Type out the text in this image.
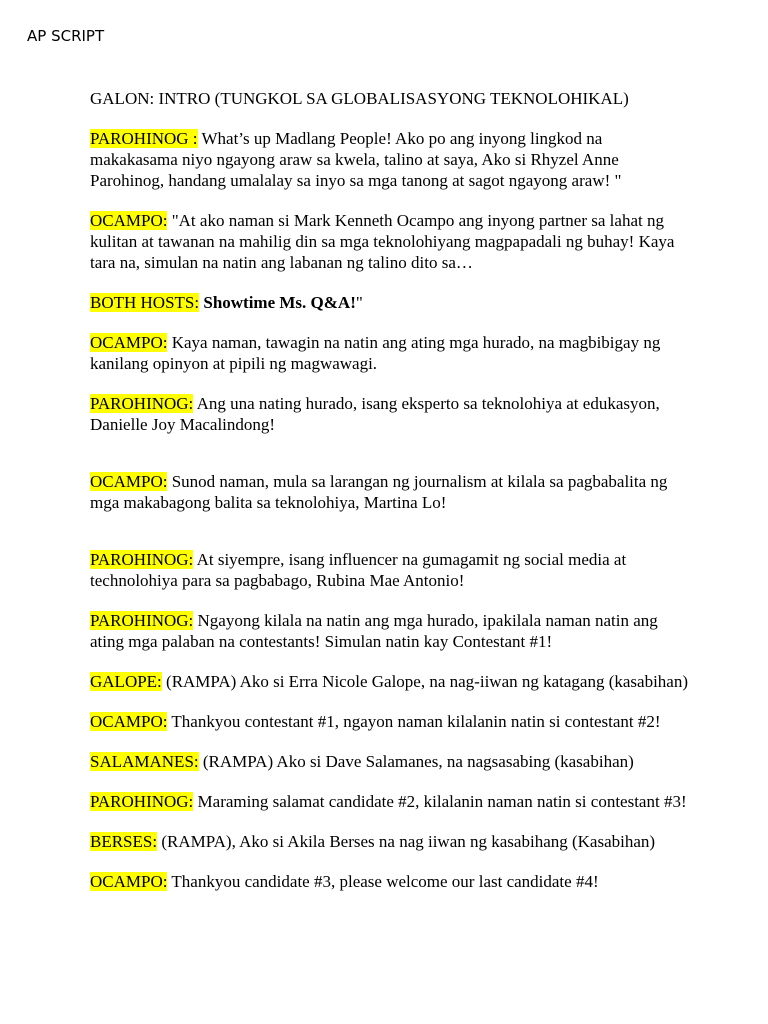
AP SCRIPT

GALON: INTRO (TUNGKOL SA GLOBALISASYONG TEKNOLOHIKAL)

PAROHINOG : What’s up Madlang People! Ako po ang inyong lingkod na makakasama niyo ngayong araw sa kwela, talino at saya, Ako si Rhyzel Anne Parohinog, handang umalalay sa inyo sa mga tanong at sagot ngayong araw! "

OCAMPO: "At ako naman si Mark Kenneth Ocampo ang inyong partner sa lahat ng kulitan at tawanan na mahilig din sa mga teknolohiyang magpapadali ng buhay! Kaya tara na, simulan na natin ang labanan ng talino dito sa…

BOTH HOSTS: Showtime Ms. Q&A!"

OCAMPO: Kaya naman, tawagin na natin ang ating mga hurado, na magbibigay ng kanilang opinyon at pipili ng magwawagi.

PAROHINOG: Ang una nating hurado, isang eksperto sa teknolohiya at edukasyon, Danielle Joy Macalindong!

OCAMPO: Sunod naman, mula sa larangan ng journalism at kilala sa pagbabalita ng mga makabagong balita sa teknolohiya, Martina Lo!

PAROHINOG: At siyempre, isang influencer na gumagamit ng social media at technolohiya para sa pagbabago, Rubina Mae Antonio!

PAROHINOG: Ngayong kilala na natin ang mga hurado, ipakilala naman natin ang ating mga palaban na contestants! Simulan natin kay Contestant #1!

GALOPE: (RAMPA) Ako si Erra Nicole Galope, na nag-iiwan ng katagang (kasabihan)

OCAMPO: Thankyou contestant #1, ngayon naman kilalanin natin si contestant #2!

SALAMANES: (RAMPA) Ako si Dave Salamanes, na nagsasabing (kasabihan)

PAROHINOG: Maraming salamat candidate #2, kilalanin naman natin si contestant #3!

BERSES: (RAMPA), Ako si Akila Berses na nag iiwan ng kasabihang (Kasabihan)

OCAMPO: Thankyou candidate #3, please welcome our last candidate #4!
